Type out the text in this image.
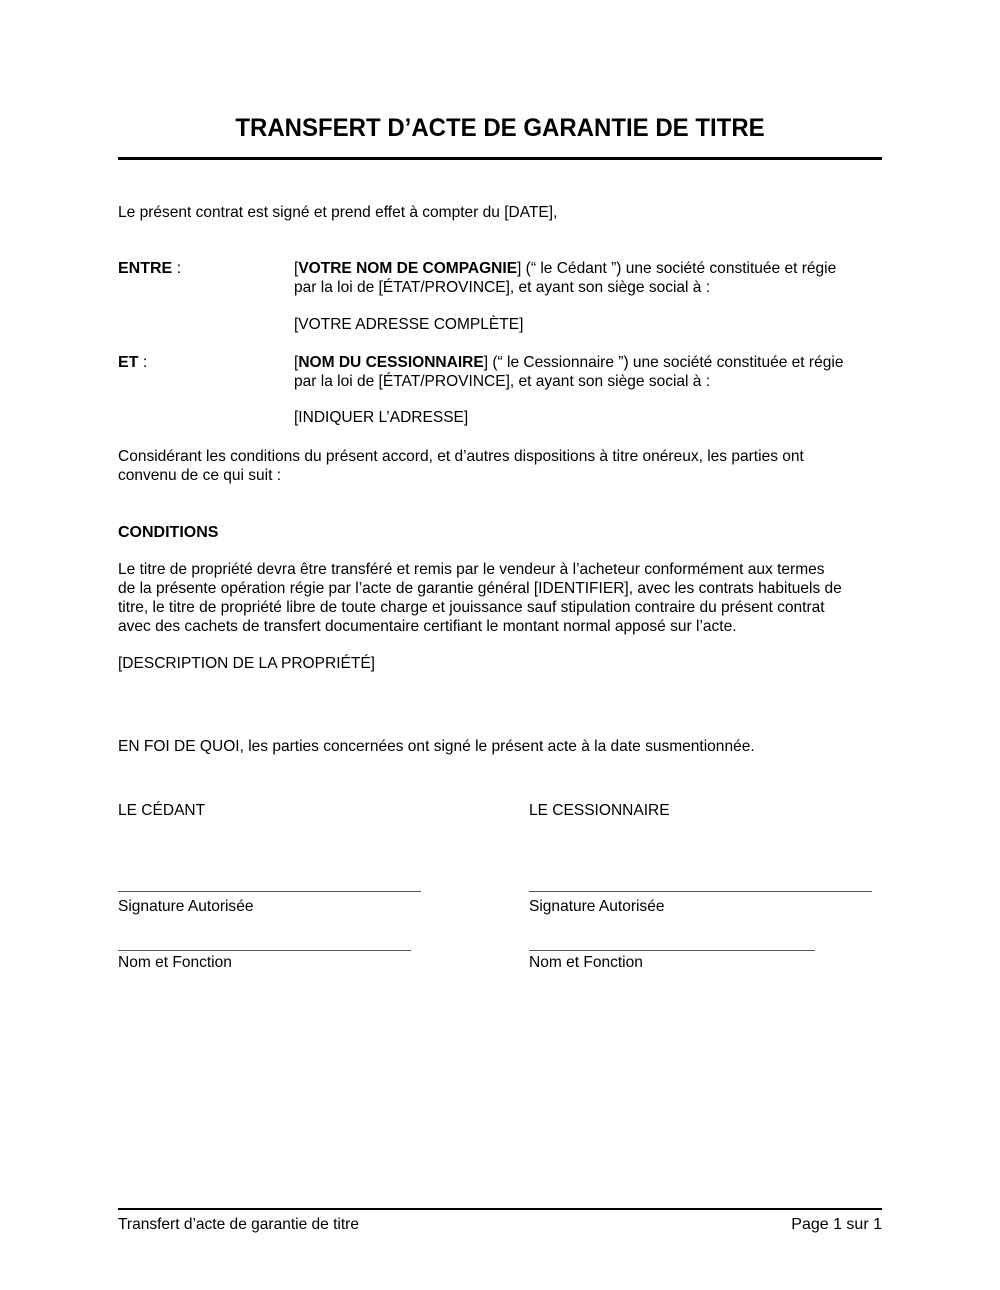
TRANSFERT D’ACTE DE GARANTIE DE TITRE
Le présent contrat est signé et prend effet à compter du [DATE],
ENTRE :	[VOTRE NOM DE COMPAGNIE] (“ le Cédant ”) une société constituée et régie
par la loi de [ÉTAT/PROVINCE], et ayant son siège social à :
[VOTRE ADRESSE COMPLÈTE]
ET :	[NOM DU CESSIONNAIRE] (“ le Cessionnaire ”) une société constituée et régie
par la loi de [ÉTAT/PROVINCE], et ayant son siège social à :
[INDIQUER L’ADRESSE]
Considérant les conditions du présent accord, et d’autres dispositions à titre onéreux, les parties ont
convenu de ce qui suit :
CONDITIONS
Le titre de propriété devra être transféré et remis par le vendeur à l’acheteur conformément aux termes
de la présente opération régie par l’acte de garantie général [IDENTIFIER], avec les contrats habituels de
titre, le titre de propriété libre de toute charge et jouissance sauf stipulation contraire du présent contrat
avec des cachets de transfert documentaire certifiant le montant normal apposé sur l’acte.
[DESCRIPTION DE LA PROPRIÉTÉ]
EN FOI DE QUOI, les parties concernées ont signé le présent acte à la date susmentionnée.
LE CÉDANT
Signature Autorisée
Nom et Fonction
LE CESSIONNAIRE
Signature Autorisée
Nom et Fonction
Transfert d’acte de garantie de titre	Page 1 sur 1
